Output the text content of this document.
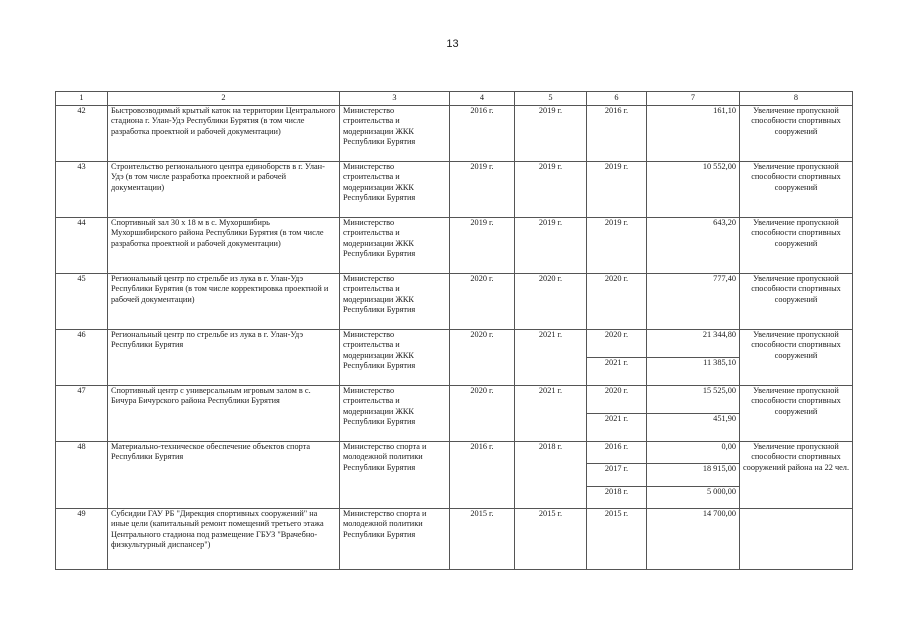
13
1	2	3	4	5	6	7	8
42	Быстровозводимый крытый каток на территории Центрального стадиона г. Улан-Удэ Республики Бурятия (в том числе разработка проектной и рабочей документации)	Министерство строительства и модернизации ЖКК Республики Бурятия	2016 г.	2019 г.	2016 г.	161,10	Увеличение пропускной способности спортивных сооружений
43	Строительство регионального центра единоборств в г. Улан-Удэ (в том числе разработка проектной и рабочей документации)	Министерство строительства и модернизации ЖКК Республики Бурятия	2019 г.	2019 г.	2019 г.	10 552,00	Увеличение пропускной способности спортивных сооружений
44	Спортивный зал 30 х 18 м в с. Мухоршибирь Мухоршибирского района Республики Бурятия (в том числе разработка проектной и рабочей документации)	Министерство строительства и модернизации ЖКК Республики Бурятия	2019 г.	2019 г.	2019 г.	643,20	Увеличение пропускной способности спортивных сооружений
45	Региональный центр по стрельбе из лука в г. Улан-Удэ Республики Бурятия (в том числе корректировка проектной и рабочей документации)	Министерство строительства и модернизации ЖКК Республики Бурятия	2020 г.	2020 г.	2020 г.	777,40	Увеличение пропускной способности спортивных сооружений
46	Региональный центр по стрельбе из лука в г. Улан-Удэ Республики Бурятия	Министерство строительства и модернизации ЖКК Республики Бурятия	2020 г.	2021 г.	2020 г.	21 344,80	Увеличение пропускной способности спортивных сооружений
					2021 г.	11 385,10	
47	Спортивный центр с универсальным игровым залом в с. Бичура Бичурского района Республики Бурятия	Министерство строительства и модернизации ЖКК Республики Бурятия	2020 г.	2021 г.	2020 г.	15 525,00	Увеличение пропускной способности спортивных сооружений
					2021 г.	451,90	
48	Материально-техническое обеспечение объектов спорта Республики Бурятия	Министерство спорта и молодежной политики Республики Бурятия	2016 г.	2018 г.	2016 г.	0,00	Увеличение пропускной способности спортивных сооружений района на 22 чел.
					2017 г.	18 915,00	
					2018 г.	5 000,00	
49	Субсидии ГАУ РБ "Дирекция спортивных сооружений" на иные цели (капитальный ремонт помещений третьего этажа Центрального стадиона под размещение ГБУЗ "Врачебно-физкультурный диспансер")	Министерство спорта и молодежной политики Республики Бурятия	2015 г.	2015 г.	2015 г.	14 700,00	
